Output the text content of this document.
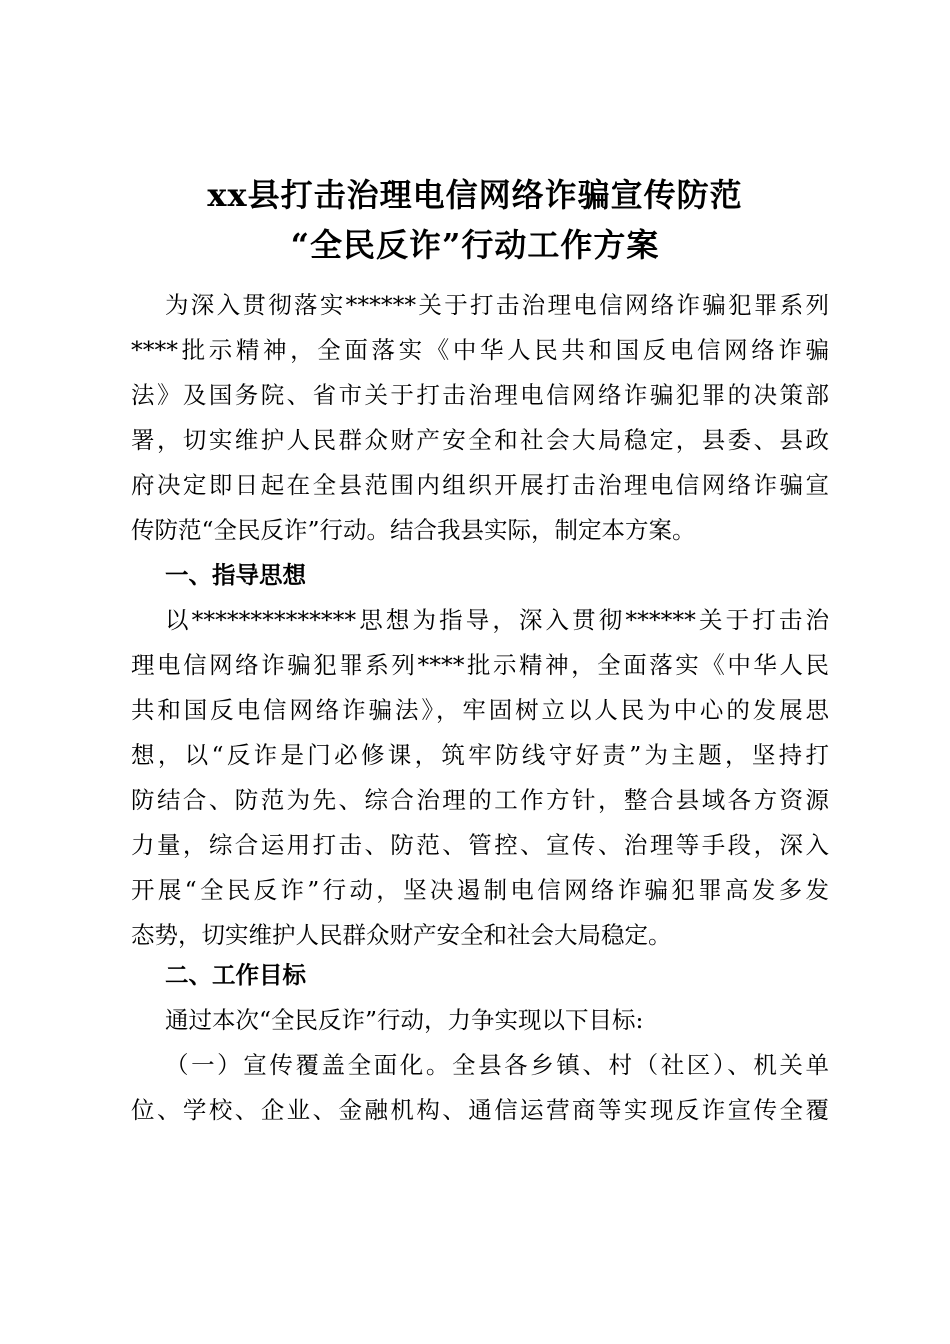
xx县打击治理电信网络诈骗宣传防范
“全民反诈”行动工作方案
为深入贯彻落实******关于打击治理电信网络诈骗犯罪系列
****批示精神，全面落实《中华人民共和国反电信网络诈骗
法》及国务院、省市关于打击治理电信网络诈骗犯罪的决策部
署，切实维护人民群众财产安全和社会大局稳定，县委、县政
府决定即日起在全县范围内组织开展打击治理电信网络诈骗宣
传防范“全民反诈”行动。结合我县实际，制定本方案。
一、指导思想
以**************思想为指导，深入贯彻******关于打击治
理电信网络诈骗犯罪系列****批示精神，全面落实《中华人民
共和国反电信网络诈骗法》，牢固树立以人民为中心的发展思
想，以“反诈是门必修课，筑牢防线守好责”为主题，坚持打
防结合、防范为先、综合治理的工作方针，整合县域各方资源
力量，综合运用打击、防范、管控、宣传、治理等手段，深入
开展“全民反诈”行动，坚决遏制电信网络诈骗犯罪高发多发
态势，切实维护人民群众财产安全和社会大局稳定。
二、工作目标
通过本次“全民反诈”行动，力争实现以下目标:
（一）宣传覆盖全面化。全县各乡镇、村（社区）、机关单
位、学校、企业、金融机构、通信运营商等实现反诈宣传全覆
